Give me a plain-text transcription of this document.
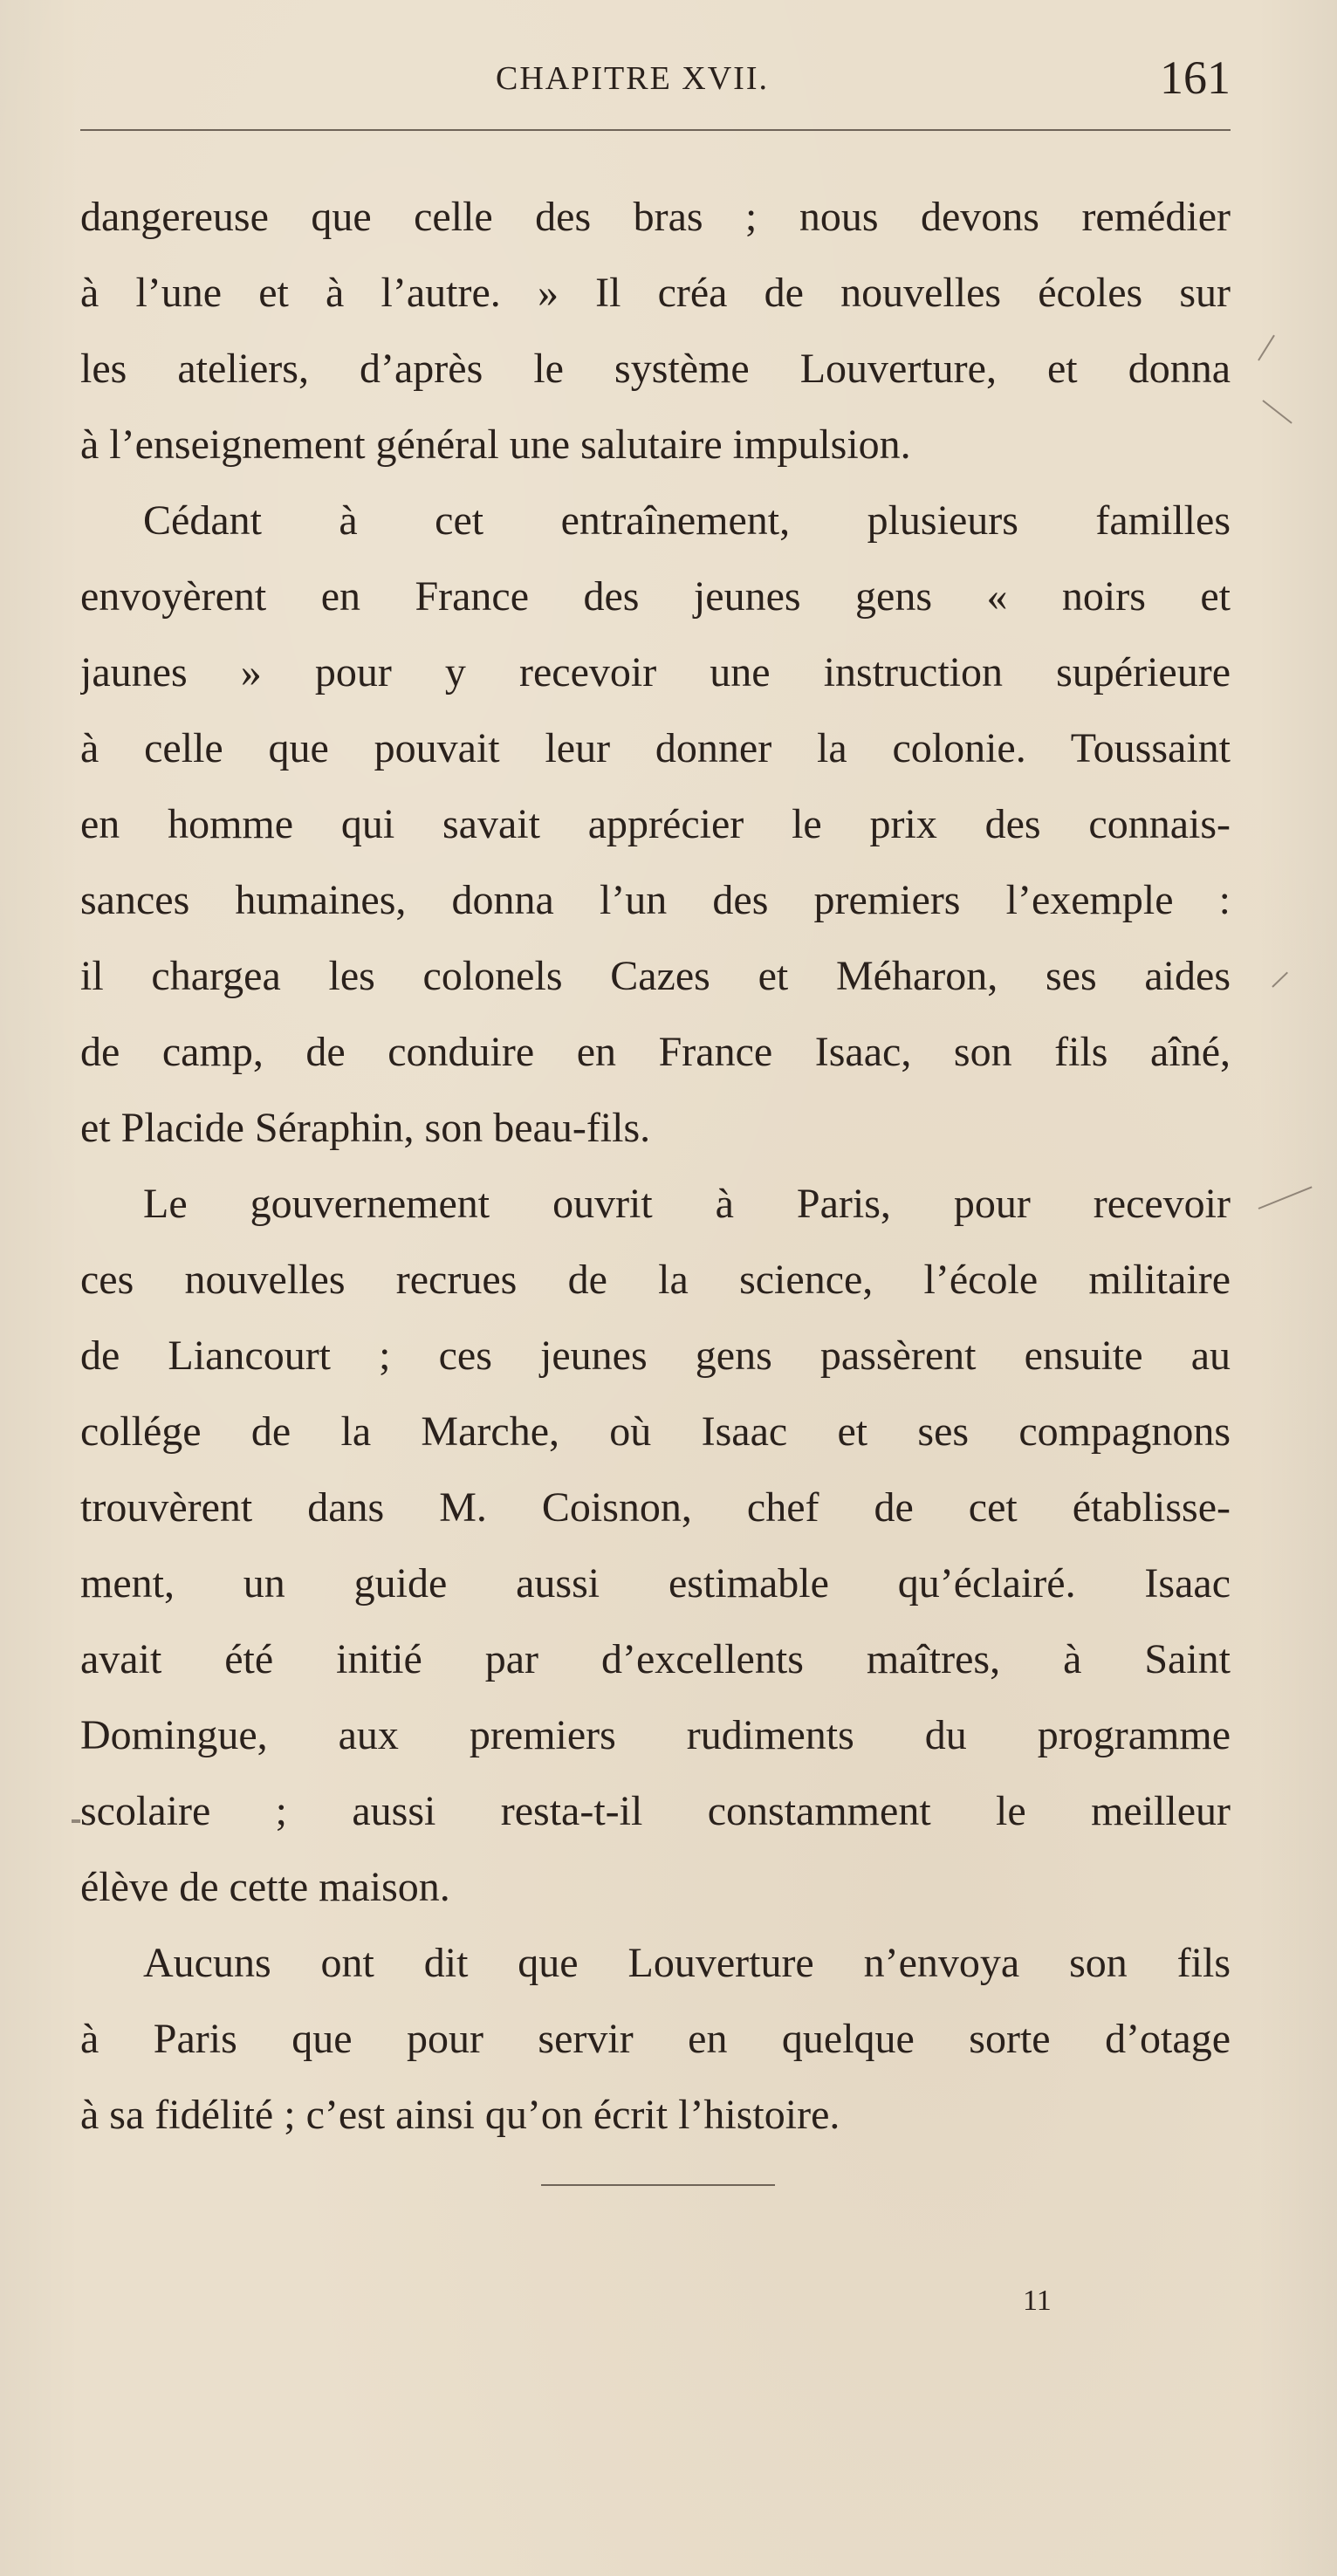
CHAPITRE XVII.	161
dangereuse que celle des bras ; nous devons remédier
à l’une et à l’autre. » Il créa de nouvelles écoles sur
les ateliers, d’après le système Louverture, et donna
à l’enseignement général une salutaire impulsion.
Cédant à cet entraînement, plusieurs familles
envoyèrent en France des jeunes gens « noirs et
jaunes » pour y recevoir une instruction supérieure
à celle que pouvait leur donner la colonie. Toussaint
en homme qui savait apprécier le prix des connais-
sances humaines, donna l’un des premiers l’exemple :
il chargea les colonels Cazes et Méharon, ses aides
de camp, de conduire en France Isaac, son fils aîné,
et Placide Séraphin, son beau-fils.
Le gouvernement ouvrit à Paris, pour recevoir
ces nouvelles recrues de la science, l’école militaire
de Liancourt ; ces jeunes gens passèrent ensuite au
collége de la Marche, où Isaac et ses compagnons
trouvèrent dans M. Coisnon, chef de cet établisse-
ment, un guide aussi estimable qu’éclairé. Isaac
avait été initié par d’excellents maîtres, à Saint
Domingue, aux premiers rudiments du programme
scolaire ; aussi resta-t-il constamment le meilleur
élève de cette maison.
Aucuns ont dit que Louverture n’envoya son fils
à Paris que pour servir en quelque sorte d’otage
à sa fidélité ; c’est ainsi qu’on écrit l’histoire.
11
